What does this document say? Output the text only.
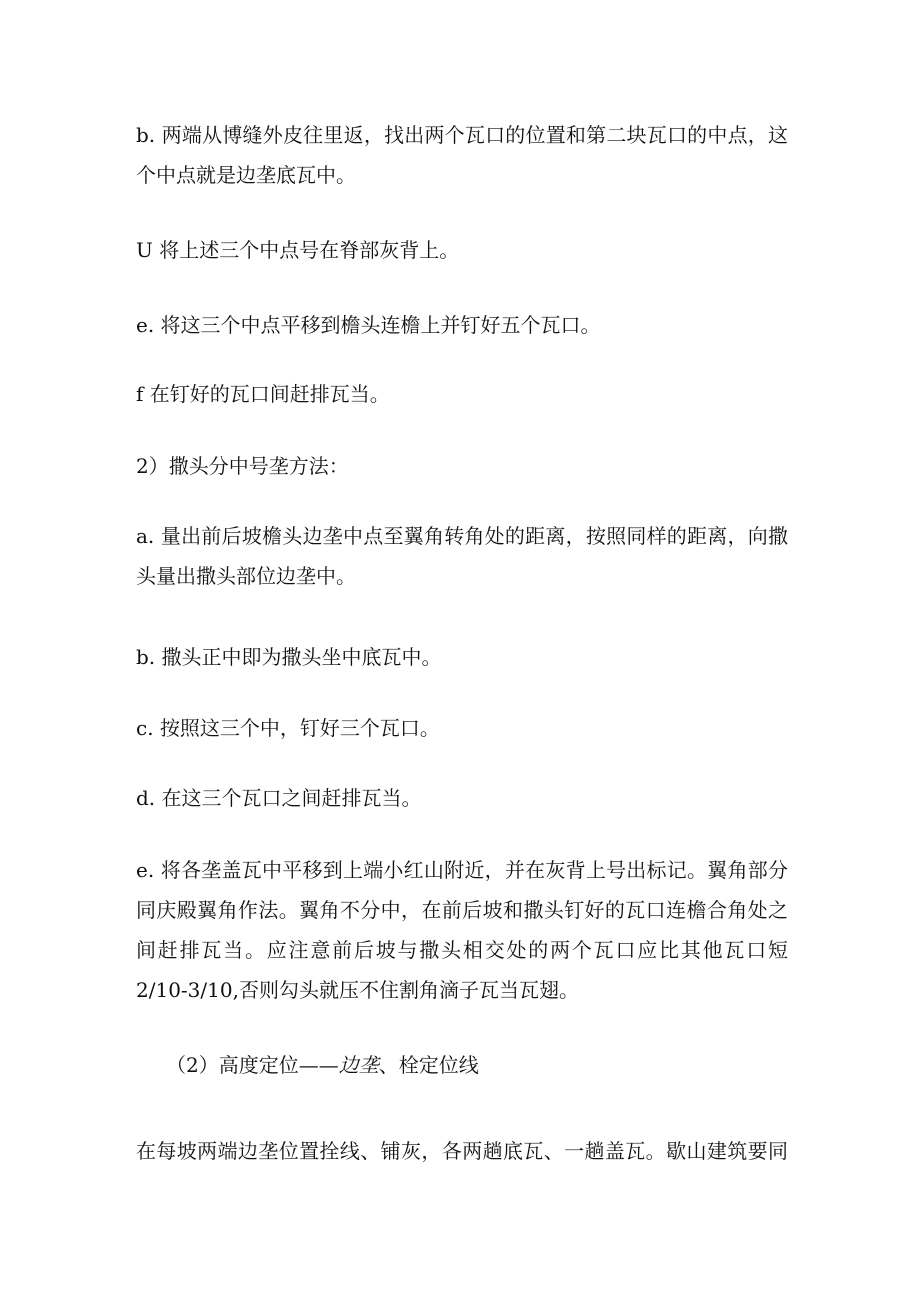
b. 两端从博缝外皮往里返，找出两个瓦口的位置和第二块瓦口的中点，这
个中点就是边垄底瓦中。
U 将上述三个中点号在脊部灰背上。
e. 将这三个中点平移到檐头连檐上并钉好五个瓦口。
f 在钉好的瓦口间赶排瓦当。
2）撒头分中号垄方法：
a. 量出前后坡檐头边垄中点至翼角转角处的距离，按照同样的距离，向撒
头量出撒头部位边垄中。
b. 撒头正中即为撒头坐中底瓦中。
c. 按照这三个中，钉好三个瓦口。
d. 在这三个瓦口之间赶排瓦当。
e. 将各垄盖瓦中平移到上端小红山附近，并在灰背上号出标记。翼角部分
同庆殿翼角作法。翼角不分中，在前后坡和撒头钉好的瓦口连檐合角处之
间赶排瓦当。应注意前后坡与撒头相交处的两个瓦口应比其他瓦口短
2/10-3/10,否则勾头就压不住割角滴子瓦当瓦翅。
（2）高度定位——边垄、栓定位线
在每坡两端边垄位置拴线、铺灰，各两趟底瓦、一趟盖瓦。歇山建筑要同
